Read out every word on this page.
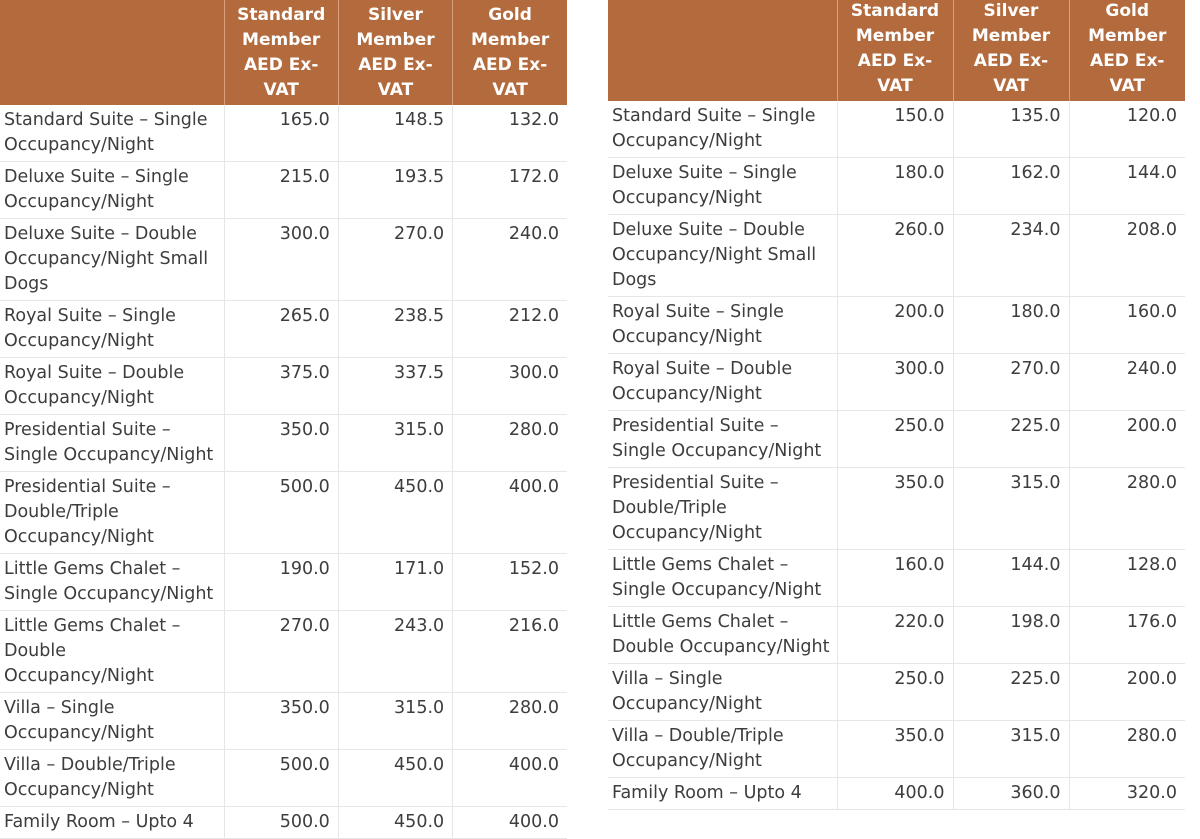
	Standard Member AED Ex-VAT	Silver Member AED Ex-VAT	Gold Member AED Ex-VAT
Standard Suite – Single Occupancy/Night	165.0	148.5	132.0
Deluxe Suite – Single Occupancy/Night	215.0	193.5	172.0
Deluxe Suite – Double Occupancy/Night Small Dogs	300.0	270.0	240.0
Royal Suite – Single Occupancy/Night	265.0	238.5	212.0
Royal Suite – Double Occupancy/Night	375.0	337.5	300.0
Presidential Suite – Single Occupancy/Night	350.0	315.0	280.0
Presidential Suite – Double/Triple Occupancy/Night	500.0	450.0	400.0
Little Gems Chalet – Single Occupancy/Night	190.0	171.0	152.0
Little Gems Chalet – Double Occupancy/Night	270.0	243.0	216.0
Villa – Single Occupancy/Night	350.0	315.0	280.0
Villa – Double/Triple Occupancy/Night	500.0	450.0	400.0
Family Room – Upto 4	500.0	450.0	400.0
	Standard Member AED Ex-VAT	Silver Member AED Ex-VAT	Gold Member AED Ex-VAT
Standard Suite – Single Occupancy/Night	150.0	135.0	120.0
Deluxe Suite – Single Occupancy/Night	180.0	162.0	144.0
Deluxe Suite – Double Occupancy/Night Small Dogs	260.0	234.0	208.0
Royal Suite – Single Occupancy/Night	200.0	180.0	160.0
Royal Suite – Double Occupancy/Night	300.0	270.0	240.0
Presidential Suite – Single Occupancy/Night	250.0	225.0	200.0
Presidential Suite – Double/Triple Occupancy/Night	350.0	315.0	280.0
Little Gems Chalet – Single Occupancy/Night	160.0	144.0	128.0
Little Gems Chalet – Double Occupancy/Night	220.0	198.0	176.0
Villa – Single Occupancy/Night	250.0	225.0	200.0
Villa – Double/Triple Occupancy/Night	350.0	315.0	280.0
Family Room – Upto 4	400.0	360.0	320.0
